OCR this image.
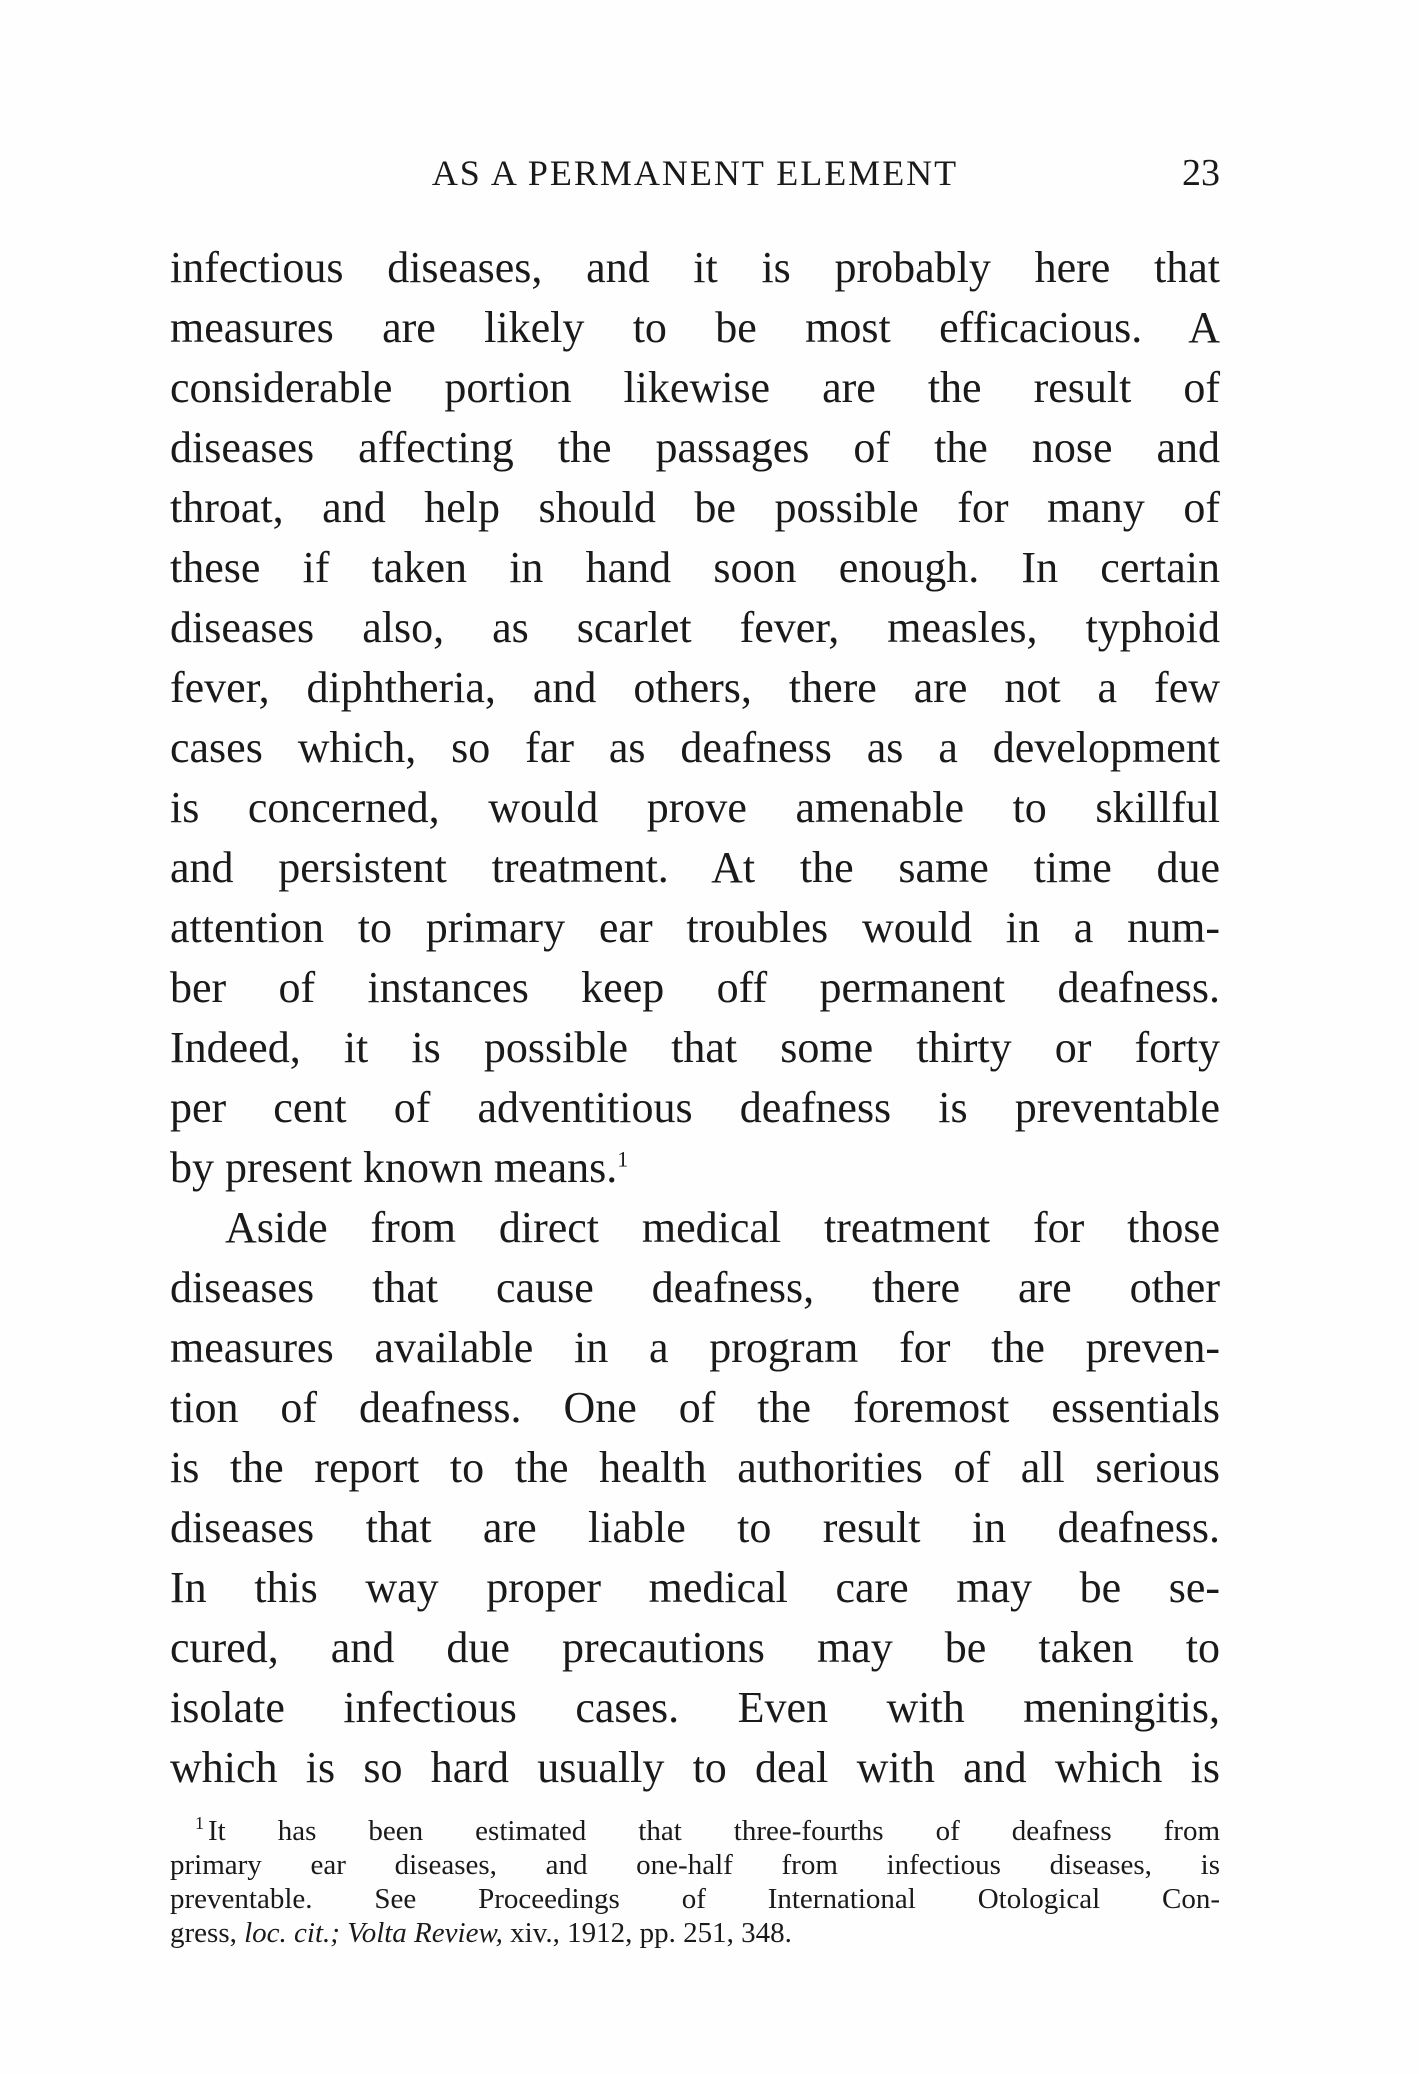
AS A PERMANENT ELEMENT	23
infectious diseases, and it is probably here that
measures are likely to be most efficacious. A
considerable portion likewise are the result of
diseases affecting the passages of the nose and
throat, and help should be possible for many of
these if taken in hand soon enough. In certain
diseases also, as scarlet fever, measles, typhoid
fever, diphtheria, and others, there are not a few
cases which, so far as deafness as a development
is concerned, would prove amenable to skillful
and persistent treatment. At the same time due
attention to primary ear troubles would in a num-
ber of instances keep off permanent deafness.
Indeed, it is possible that some thirty or forty
per cent of adventitious deafness is preventable
by present known means.$^1$
Aside from direct medical treatment for those
diseases that cause deafness, there are other
measures available in a program for the preven-
tion of deafness. One of the foremost essentials
is the report to the health authorities of all serious
diseases that are liable to result in deafness.
In this way proper medical care may be se-
cured, and due precautions may be taken to
isolate infectious cases. Even with meningitis,
which is so hard usually to deal with and which is
$^1$ It has been estimated that three-fourths of deafness from
primary ear diseases, and one-half from infectious diseases, is
preventable. See Proceedings of International Otological Con-
gress, loc. cit.; Volta Review, xiv., 1912, pp. 251, 348.
